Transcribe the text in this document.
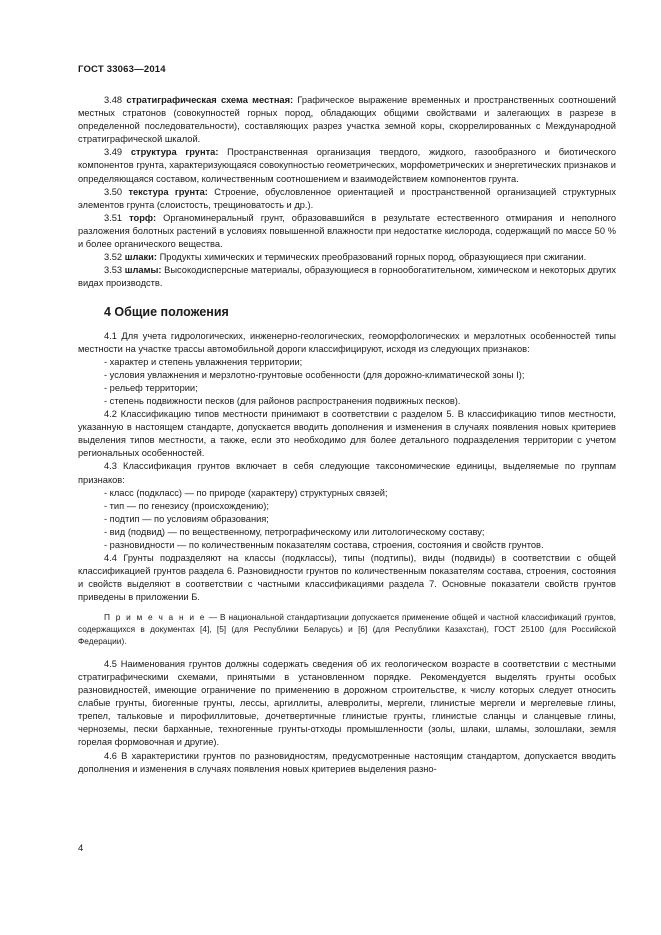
ГОСТ 33063—2014

3.48 стратиграфическая схема местная: Графическое выражение временных и пространственных соотношений местных стратонов (совокупностей горных пород, обладающих общими свойствами и залегающих в разрезе в определенной последовательности), составляющих разрез участка земной коры, скоррелированных с Международной стратиграфической шкалой.

3.49 структура грунта: Пространственная организация твердого, жидкого, газообразного и биотического компонентов грунта, характеризующаяся совокупностью геометрических, морфометрических и энергетических признаков и определяющаяся составом, количественным соотношением и взаимодействием компонентов грунта.

3.50 текстура грунта: Строение, обусловленное ориентацией и пространственной организацией структурных элементов грунта (слоистость, трещиноватость и др.).

3.51 торф: Органоминеральный грунт, образовавшийся в результате естественного отмирания и неполного разложения болотных растений в условиях повышенной влажности при недостатке кислорода, содержащий по массе 50 % и более органического вещества.

3.52 шлаки: Продукты химических и термических преобразований горных пород, образующиеся при сжигании.

3.53 шламы: Высокодисперсные материалы, образующиеся в горнообогатительном, химическом и некоторых других видах производств.

4 Общие положения

4.1 Для учета гидрологических, инженерно-геологических, геоморфологических и мерзлотных особенностей типы местности на участке трассы автомобильной дороги классифицируют, исходя из следующих признаков:

- характер и степень увлажнения территории;

- условия увлажнения и мерзлотно-грунтовые особенности (для дорожно-климатической зоны I);

- рельеф территории;

- степень подвижности песков (для районов распространения подвижных песков).

4.2 Классификацию типов местности принимают в соответствии с разделом 5. В классификацию типов местности, указанную в настоящем стандарте, допускается вводить дополнения и изменения в случаях появления новых критериев выделения типов местности, а также, если это необходимо для более детального подразделения территории с учетом региональных особенностей.

4.3 Классификация грунтов включает в себя следующие таксономические единицы, выделяемые по группам признаков:

- класс (подкласс) — по природе (характеру) структурных связей;

- тип — по генезису (происхождению);

- подтип — по условиям образования;

- вид (подвид) — по вещественному, петрографическому или литологическому составу;

- разновидности — по количественным показателям состава, строения, состояния и свойств грунтов.

4.4 Грунты подразделяют на классы (подклассы), типы (подтипы), виды (подвиды) в соответствии с общей классификацией грунтов раздела 6. Разновидности грунтов по количественным показателям состава, строения, состояния и свойств выделяют в соответствии с частными классификациями раздела 7. Основные показатели свойств грунтов приведены в приложении Б.

П р и м е ч а н и е — В национальной стандартизации допускается применение общей и частной классификаций грунтов, содержащихся в документах [4], [5] (для Республики Беларусь) и [6] (для Республики Казахстан), ГОСТ 25100 (для Российской Федерации).

4.5 Наименования грунтов должны содержать сведения об их геологическом возрасте в соответствии с местными стратиграфическими схемами, принятыми в установленном порядке. Рекомендуется выделять грунты особых разновидностей, имеющие ограничение по применению в дорожном строительстве, к числу которых следует относить слабые грунты, биогенные грунты, лессы, аргиллиты, алевролиты, мергели, глинистые мергели и мергелевые глины, трепел, тальковые и пирофиллитовые, дочетвертичные глинистые грунты, глинистые сланцы и сланцевые глины, черноземы, пески барханные, техногенные грунты-отходы промышленности (золы, шлаки, шламы, золошлаки, земля горелая формовочная и другие).

4.6 В характеристики грунтов по разновидностям, предусмотренные настоящим стандартом, допускается вводить дополнения и изменения в случаях появления новых критериев выделения разно-

4
